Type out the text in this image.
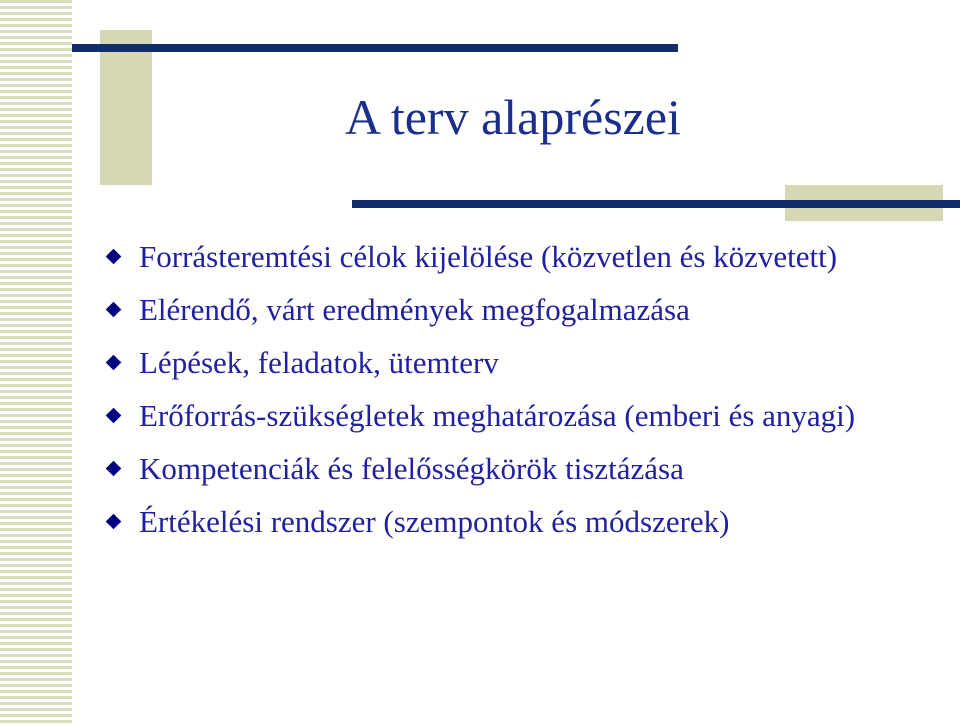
A terv alaprészei
Forrásteremtési célok kijelölése (közvetlen és közvetett)
Elérendő, várt eredmények megfogalmazása
Lépések, feladatok, ütemterv
Erőforrás-szükségletek meghatározása (emberi és anyagi)
Kompetenciák és felelősségkörök tisztázása
Értékelési rendszer (szempontok és módszerek)
